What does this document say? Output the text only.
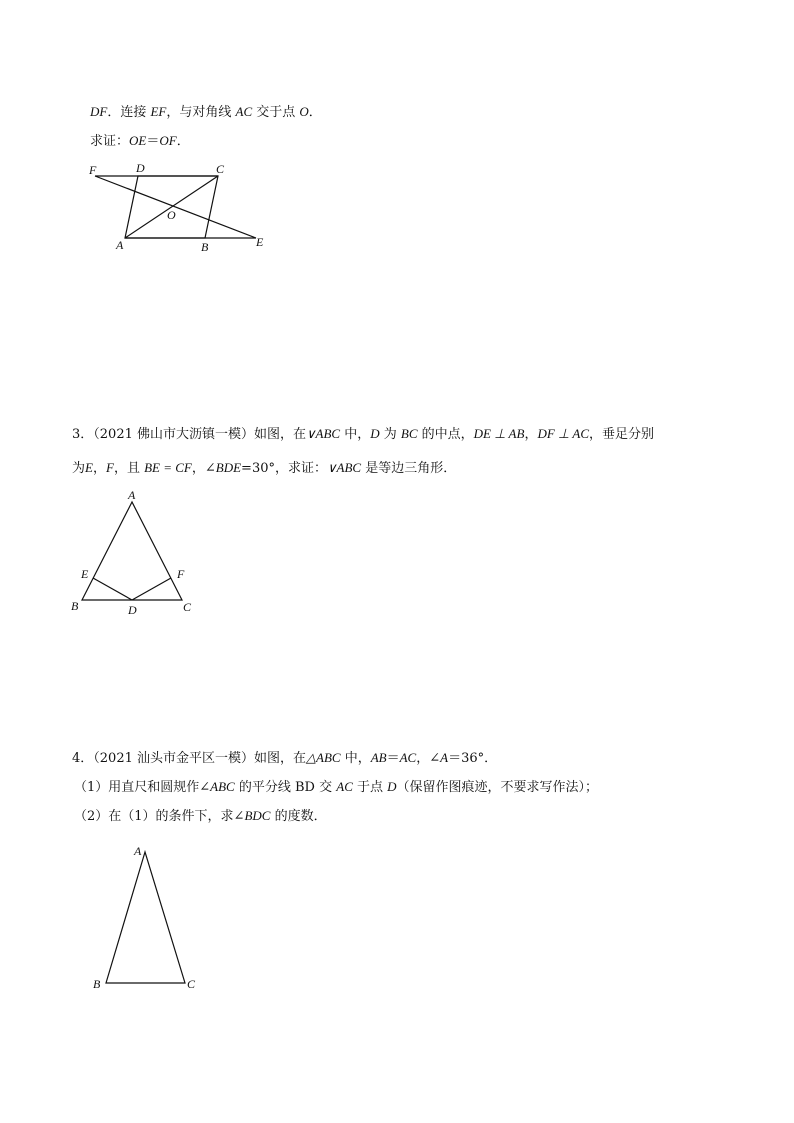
DF．连接 EF，与对角线 AC 交于点 O．
求证：OE＝OF．
F	D	C
O
A	B	E
3．（2021 佛山市大沥镇一模）如图，在∨ABC 中，D 为 BC 的中点，DE ⊥ AB，DF ⊥ AC，垂足分别
为E，F，且 BE = CF，∠BDE=30°，求证：∨ABC 是等边三角形．
A
E	F
B	D	C
4．（2021 汕头市金平区一模）如图，在△ABC 中，AB＝AC，∠A＝36°．
（1）用直尺和圆规作∠ABC 的平分线 BD 交 AC 于点 D（保留作图痕迹，不要求写作法）；
（2）在（1）的条件下，求∠BDC 的度数．
A
B	C
